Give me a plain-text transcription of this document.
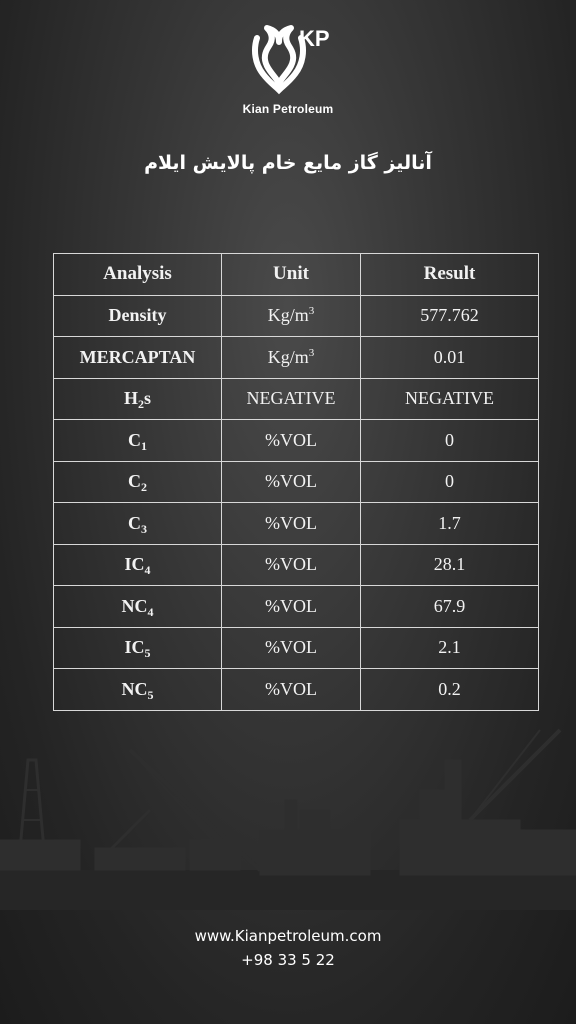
KP
Kian Petroleum
آنالیز گاز مایع خام پالایش ایلام
Analysis	Unit	Result
Density	$Kg/m^3$	577.762
MERCAPTAN	$Kg/m^3$	0.01
$H_2s$	NEGATIVE	NEGATIVE
$C_1$	%VOL	0
$C_2$	%VOL	0
$C_3$	%VOL	1.7
$IC_4$	%VOL	28.1
$NC_4$	%VOL	67.9
$IC_5$	%VOL	2.1
$NC_5$	%VOL	0.2
www.Kianpetroleum.com
+98 33 5 22
